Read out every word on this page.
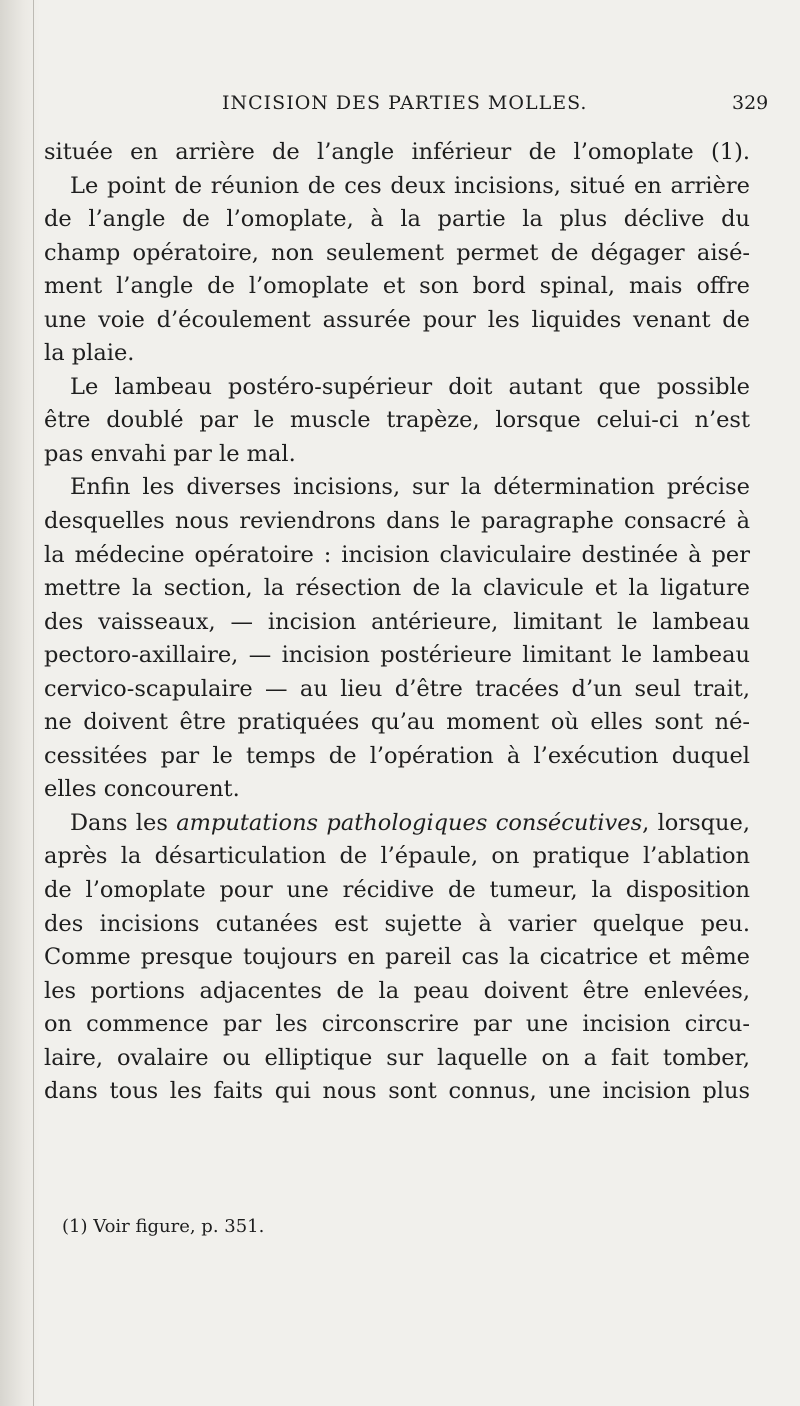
INCISION DES PARTIES MOLLES.	329
située en arrière de l’angle inférieur de l’omoplate (1).
Le point de réunion de ces deux incisions, situé en arrière
de l’angle de l’omoplate, à la partie la plus déclive du
champ opératoire, non seulement permet de dégager aisé-
ment l’angle de l’omoplate et son bord spinal, mais offre
une voie d’écoulement assurée pour les liquides venant de
la plaie.
Le lambeau postéro-supérieur doit autant que possible
être doublé par le muscle trapèze, lorsque celui-ci n’est
pas envahi par le mal.
Enfin les diverses incisions, sur la détermination précise
desquelles nous reviendrons dans le paragraphe consacré à
la médecine opératoire : incision claviculaire destinée à per
mettre la section, la résection de la clavicule et la ligature
des vaisseaux, — incision antérieure, limitant le lambeau
pectoro-axillaire, — incision postérieure limitant le lambeau
cervico-scapulaire — au lieu d’être tracées d’un seul trait,
ne doivent être pratiquées qu’au moment où elles sont né-
cessitées par le temps de l’opération à l’exécution duquel
elles concourent.
Dans les amputations pathologiques consécutives, lorsque,
après la désarticulation de l’épaule, on pratique l’ablation
de l’omoplate pour une récidive de tumeur, la disposition
des incisions cutanées est sujette à varier quelque peu.
Comme presque toujours en pareil cas la cicatrice et même
les portions adjacentes de la peau doivent être enlevées,
on commence par les circonscrire par une incision circu-
laire, ovalaire ou elliptique sur laquelle on a fait tomber,
dans tous les faits qui nous sont connus, une incision plus
(1) Voir figure, p. 351.
